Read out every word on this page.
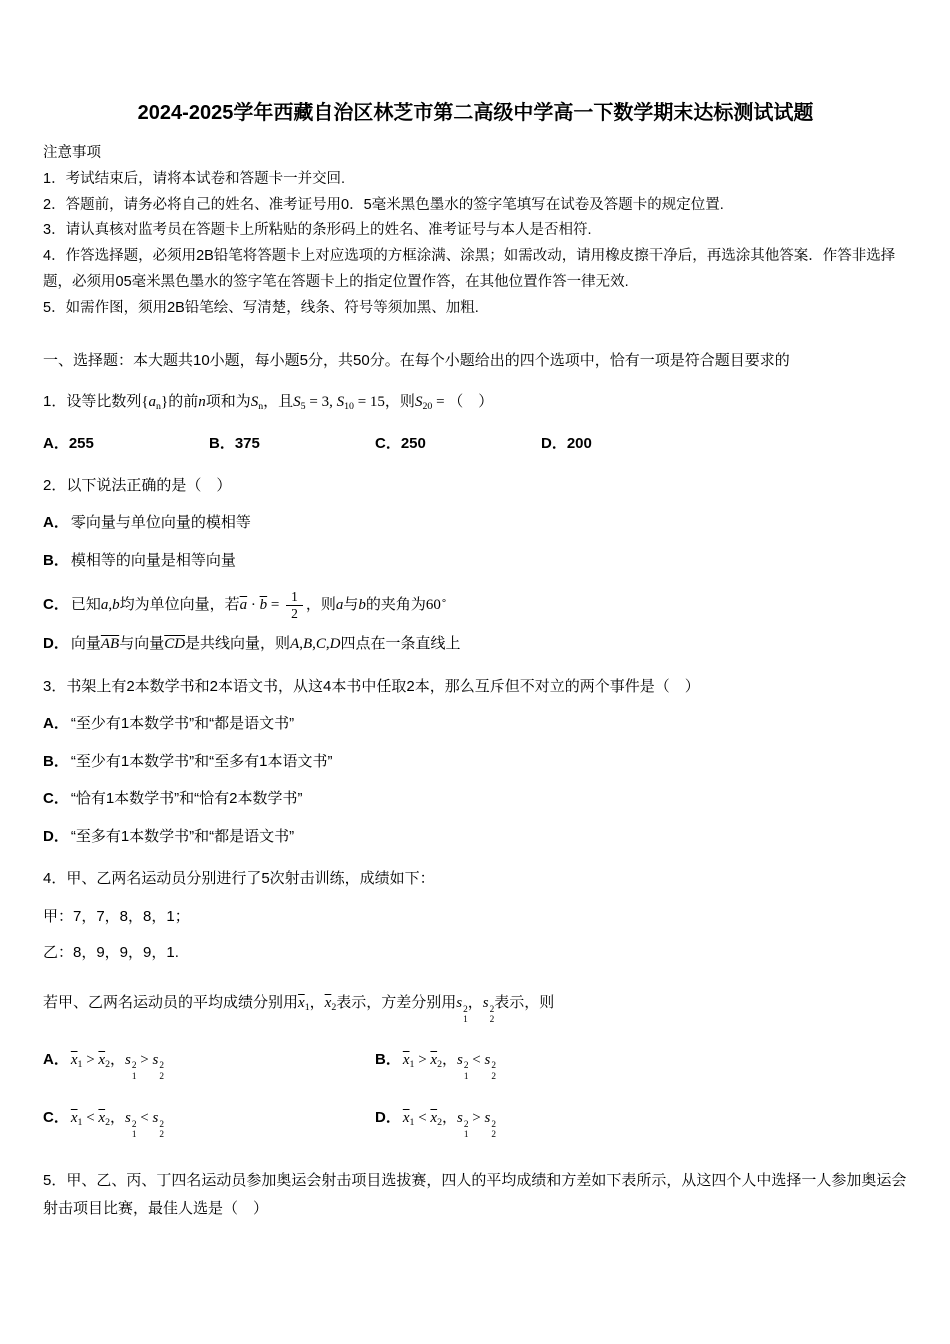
2024-2025学年西藏自治区林芝市第二高级中学高一下数学期末达标测试试题
注意事项
1．考试结束后，请将本试卷和答题卡一并交回.
2．答题前，请务必将自己的姓名、准考证号用0．5毫米黑色墨水的签字笔填写在试卷及答题卡的规定位置.
3．请认真核对监考员在答题卡上所粘贴的条形码上的姓名、准考证号与本人是否相符.
4．作答选择题，必须用2B铅笔将答题卡上对应选项的方框涂满、涂黑；如需改动，请用橡皮擦干净后，再选涂其他答案．作答非选择题，必须用05毫米黑色墨水的签字笔在答题卡上的指定位置作答，在其他位置作答一律无效.
5．如需作图，须用2B铅笔绘、写清楚，线条、符号等须加黑、加粗.
一、选择题：本大题共10小题，每小题5分，共50分。在每个小题给出的四个选项中，恰有一项是符合题目要求的
1．设等比数列$\{a_n\}$的前n项和为$S_n$，且$S_5 = 3$, $S_{10} = 15$，则$S_{20}$ = （　）
A．255	B．375	C．250	D．200
2．以下说法正确的是（　）
A． 零向量与单位向量的模相等
B． 模相等的向量是相等向量
C． 已知a,b均为单位向量，若$\overline{a} \cdot \overline{b} = \frac{1}{2}$ ，则a与b的夹角为60∘
D． 向量$\overline{AB}$与向量$\overline{CD}$是共线向量，则A,B,C,D四点在一条直线上
3．书架上有2本数学书和2本语文书，从这4本书中任取2本，那么互斥但不对立的两个事件是（　）
A． “至少有1本数学书”和“都是语文书”
B． “至少有1本数学书”和“至多有1本语文书”
C． “恰有1本数学书”和“恰有2本数学书”
D． “至多有1本数学书”和“都是语文书”
4．甲、乙两名运动员分别进行了5次射击训练，成绩如下：
甲：7，7，8，8，1；
乙：8，9，9，9，1.
若甲、乙两名运动员的平均成绩分别用$\overline{x}_1$，$\overline{x}_2$表示，方差分别用s 2
1
，s 2
2
表示，则
A． $\overline{x}_1 > \overline{x}_2$，s 2
1
> s 2
2
B． $\overline{x}_1 > \overline{x}_2$，s 2
1
< s 2
2
C． $\overline{x}_1 < \overline{x}_2$，s 2
1
< s 2
2
D． $\overline{x}_1 < \overline{x}_2$，s 2
1
> s 2
2
5．甲、乙、丙、丁四名运动员参加奥运会射击项目选拔赛，四人的平均成绩和方差如下表所示，从这四个人中选择一人参加奥运会射击项目比赛，最佳人选是（　）
